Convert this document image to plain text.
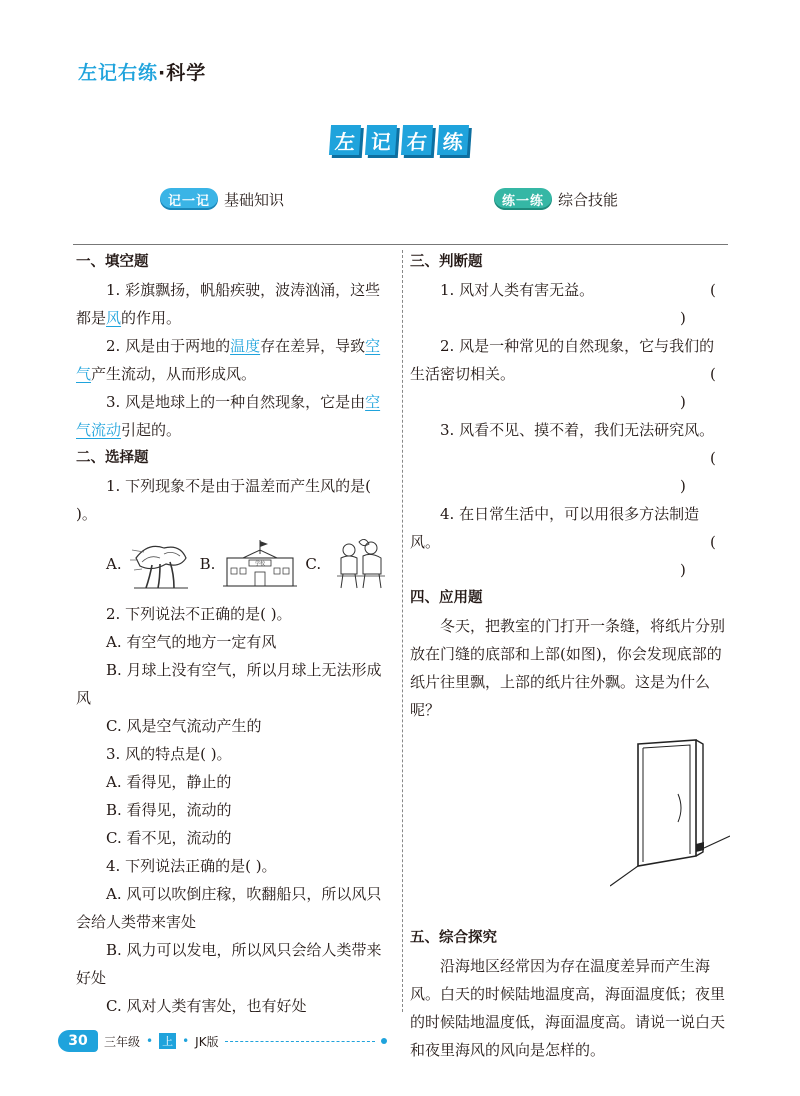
左记右练·科学
左 记 右 练
记一记 基础知识	练一练 综合技能

一、填空题

1. 彩旗飘扬，帆船疾驶，波涛汹涌，这些都是风的作用。

2. 风是由于两地的温度存在差异，导致空气产生流动，从而形成风。

3. 风是地球上的一种自然现象，它是由空气流动引起的。

二、选择题

1. 下列现象不是由于温差而产生风的是( )。

A.	B.	学校	C.

2. 下列说法不正确的是( )。

A. 有空气的地方一定有风

B. 月球上没有空气，所以月球上无法形成风

C. 风是空气流动产生的

3. 风的特点是( )。

A. 看得见，静止的

B. 看得见，流动的

C. 看不见，流动的

4. 下列说法正确的是( )。

A. 风可以吹倒庄稼，吹翻船只，所以风只会给人类带来害处

B. 风力可以发电，所以风只会给人类带来好处

C. 风对人类有害处，也有好处

三、判断题

( )
1. 风对人类有害无益。

2. 风是一种常见的自然现象，它与我们的生活密切相关。	( )

3. 风看不见、摸不着，我们无法研究风。
( )

4. 在日常生活中，可以用很多方法制造风。	( )

四、应用题

冬天，把教室的门打开一条缝，将纸片分别放在门缝的底部和上部(如图)，你会发现底部的纸片往里飘，上部的纸片往外飘。这是为什么呢？

五、综合探究

沿海地区经常因为存在温度差异而产生海风。白天的时候陆地温度高，海面温度低；夜里的时候陆地温度低，海面温度高。请说一说白天和夜里海风的风向是怎样的。

30	三年级 • 上 • JK版
